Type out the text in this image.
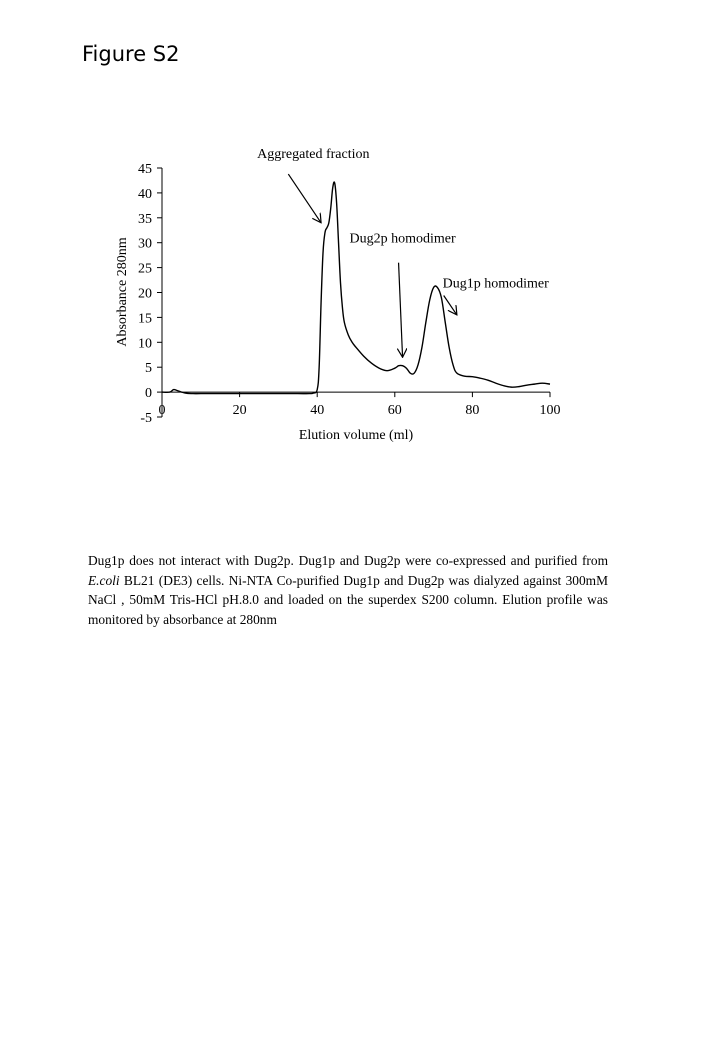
Figure S2
-5
0
5
10
15
20
25
30
35
40
45
0	20	40	60	80	100
Aggregated fraction
Dug2p homodimer
Dug1p homodimer
Elution volume (ml)
Absorbance 280nm
Dug1p does not interact with Dug2p. Dug1p and Dug2p were co-expressed and purified from E.coli BL21 (DE3) cells. Ni-NTA Co-purified Dug1p and Dug2p was dialyzed against 300mM NaCl , 50mM Tris-HCl pH.8.0 and loaded on the superdex S200 column. Elution profile was monitored by absorbance at 280nm
